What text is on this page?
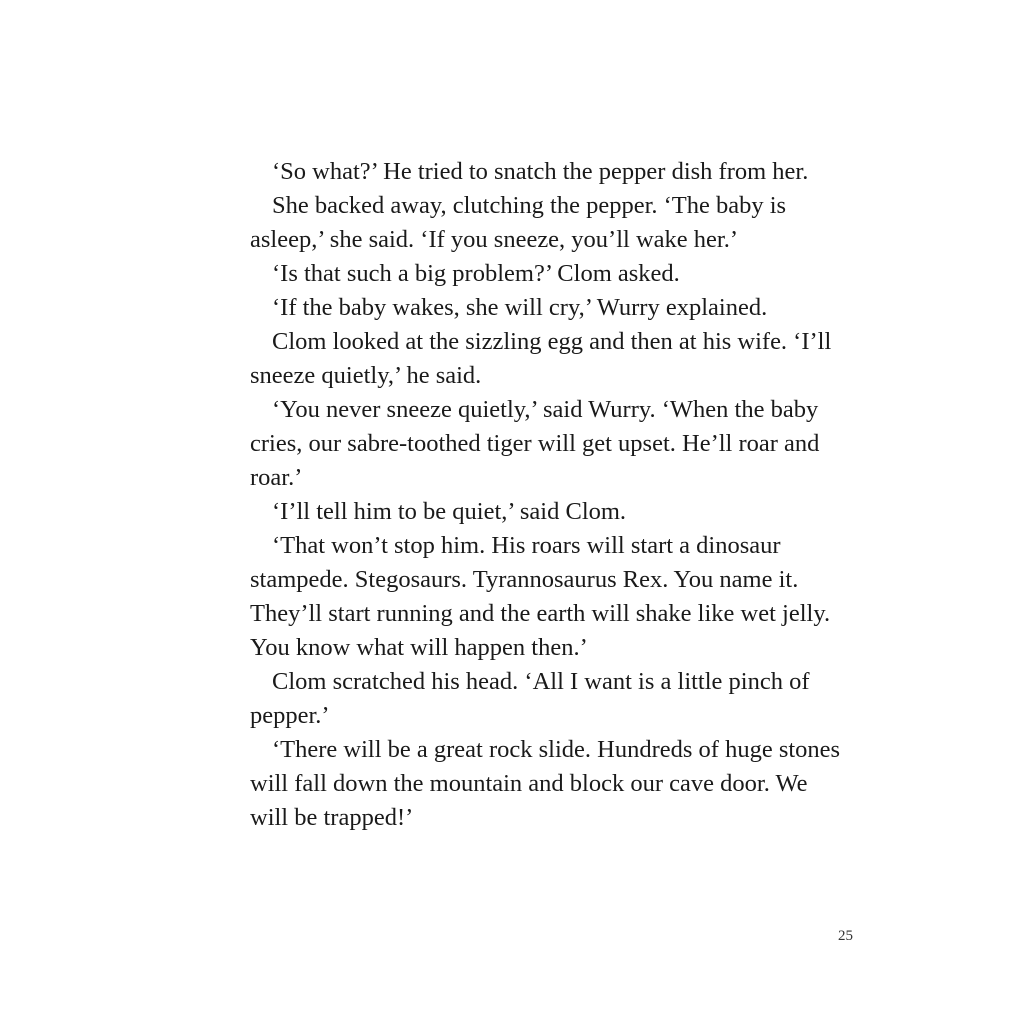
‘So what?’ He tried to snatch the pepper dish from her.

She backed away, clutching the pepper. ‘The baby is asleep,’ she said. ‘If you sneeze, you’ll wake her.’

‘Is that such a big problem?’ Clom asked.

‘If the baby wakes, she will cry,’ Wurry explained.

Clom looked at the sizzling egg and then at his wife. ‘I’ll sneeze quietly,’ he said.

‘You never sneeze quietly,’ said Wurry. ‘When the baby cries, our sabre-toothed tiger will get upset. He’ll roar and roar.’

‘I’ll tell him to be quiet,’ said Clom.

‘That won’t stop him. His roars will start a dinosaur stampede. Stegosaurs. Tyrannosaurus Rex. You name it. They’ll start running and the earth will shake like wet jelly. You know what will happen then.’

Clom scratched his head. ‘All I want is a little pinch of pepper.’

‘There will be a great rock slide. Hundreds of huge stones will fall down the mountain and block our cave door. We will be trapped!’

25
